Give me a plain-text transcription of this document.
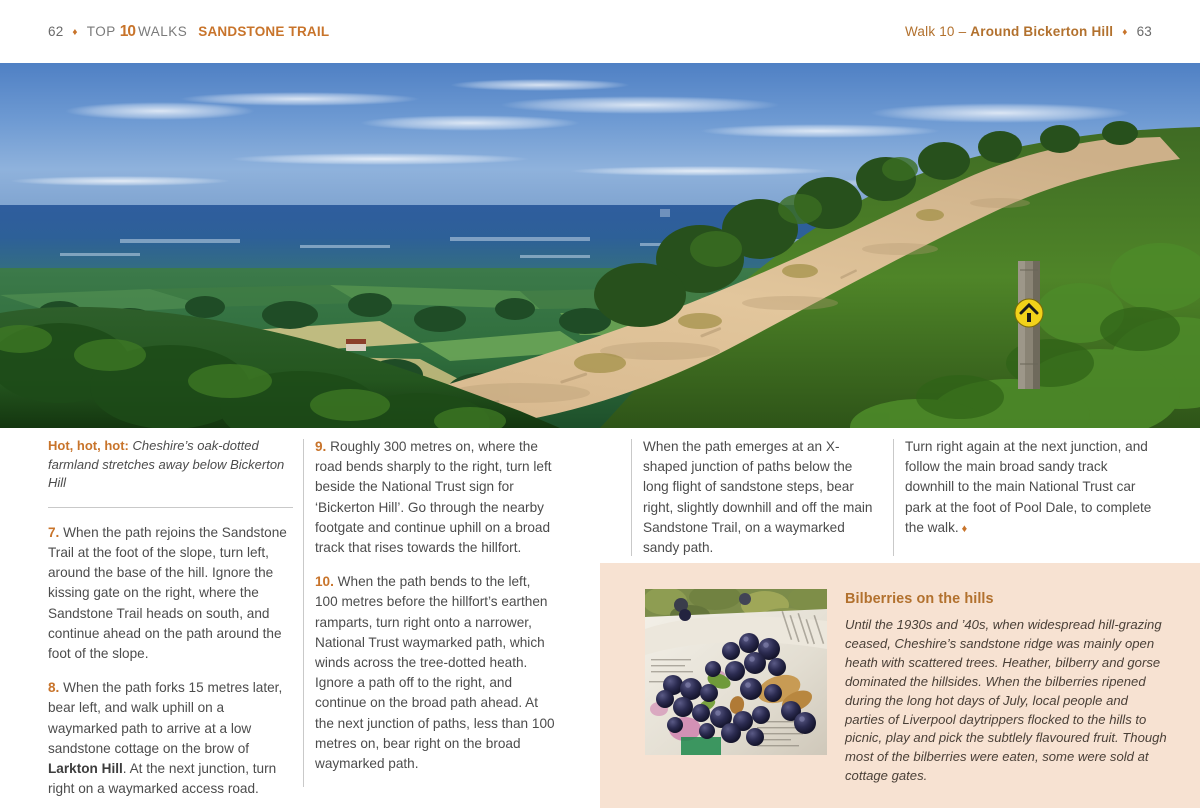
62 ♦ TOP 10 WALKS SANDSTONE TRAIL	Walk 10 – Around Bickerton Hill ♦ 63

Hot, hot, hot: Cheshire’s oak-dotted farmland stretches away below Bickerton Hill

7. When the path rejoins the Sandstone Trail at the foot of the slope, turn left, around the base of the hill. Ignore the kissing gate on the right, where the Sandstone Trail heads on south, and continue ahead on the path around the foot of the slope.

8. When the path forks 15 metres later, bear left, and walk uphill on a waymarked path to arrive at a low sandstone cottage on the brow of Larkton Hill. At the next junction, turn right on a waymarked access road.

9. Roughly 300 metres on, where the road bends sharply to the right, turn left beside the National Trust sign for ‘Bickerton Hill’. Go through the nearby footgate and continue uphill on a broad track that rises towards the hillfort.

10. When the path bends to the left, 100 metres before the hillfort’s earthen ramparts, turn right onto a narrower, National Trust waymarked path, which winds across the tree-dotted heath. Ignore a path off to the right, and continue on the broad path ahead. At the next junction of paths, less than 100 metres on, bear right on the broad waymarked path.

When the path emerges at an X-shaped junction of paths below the long flight of sandstone steps, bear right, slightly downhill and off the main Sandstone Trail, on a waymarked sandy path.

Turn right again at the next junction, and follow the main broad sandy track downhill to the main National Trust car park at the foot of Pool Dale, to complete the walk. ♦

Bilberries on the hills
Until the 1930s and ’40s, when widespread hill-grazing ceased, Cheshire’s sandstone ridge was mainly open heath with scattered trees. Heather, bilberry and gorse dominated the hillsides. When the bilberries ripened during the long hot days of July, local people and parties of Liverpool daytrippers flocked to the hills to picnic, play and pick the subtlely flavoured fruit. Though most of the bilberries were eaten, some were sold at cottage gates.
